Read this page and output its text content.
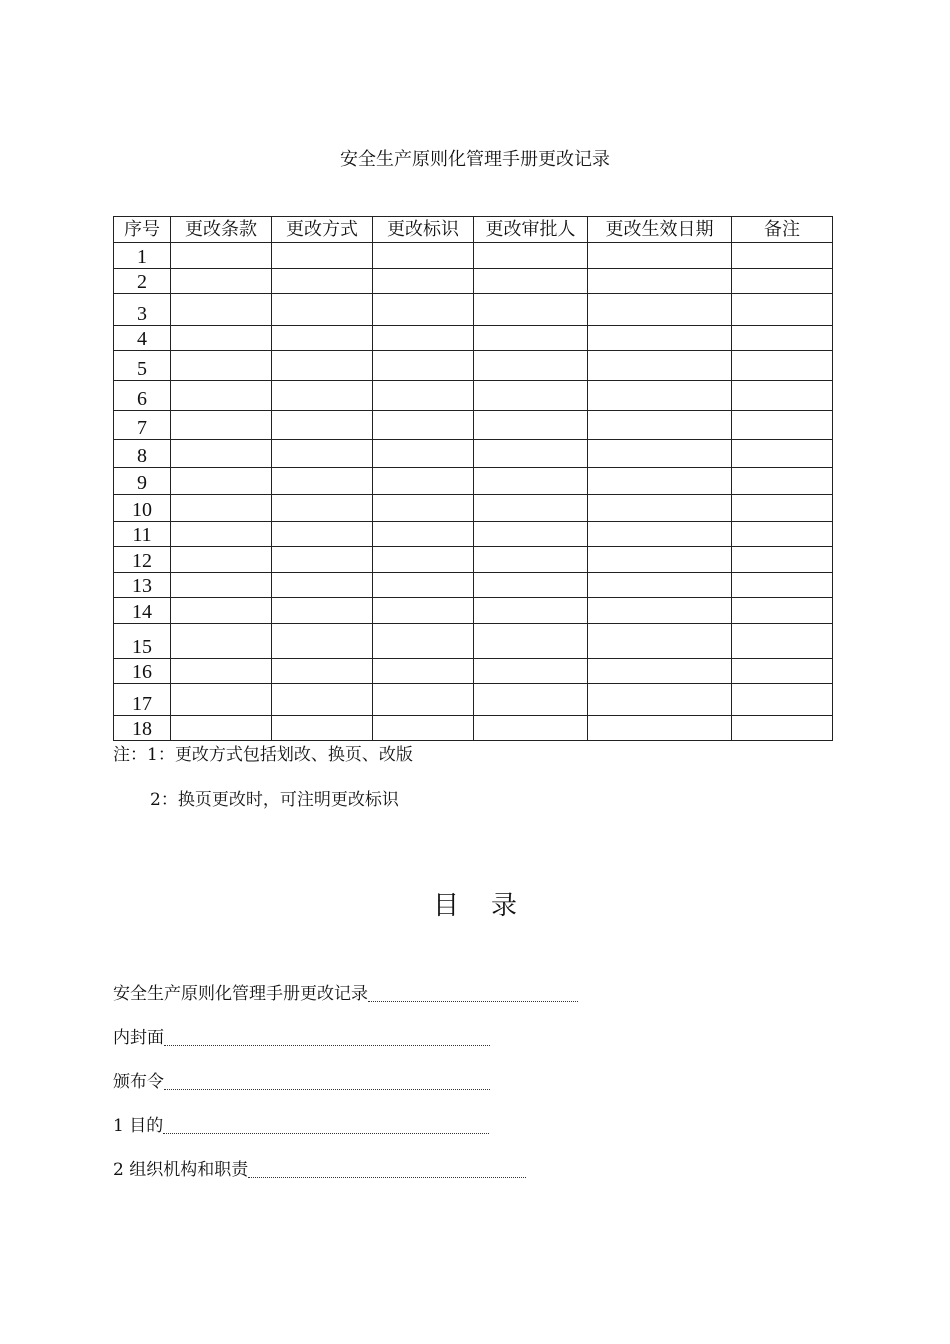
安全生产原则化管理手册更改记录
序号	更改条款	更改方式	更改标识	更改审批人	更改生效日期	备注
1						
2						
3						
4						
5						
6						
7						
8						
9						
10						
11						
12						
13						
14						
15						
16						
17						
18						
注：1：更改方式包括划改、换页、改版
2：换页更改时，可注明更改标识
目录
安全生产原则化管理手册更改记录
内封面
颁布令
1 目的
2 组织机构和职责
